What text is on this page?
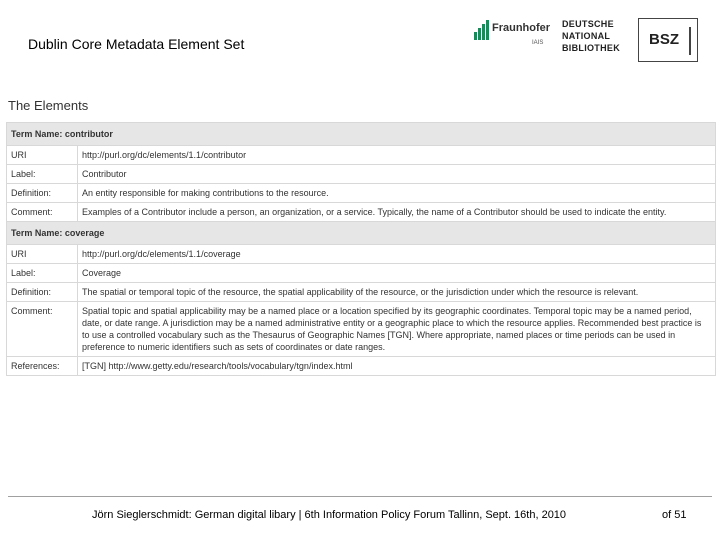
Dublin Core Metadata Element Set
Fraunhofer
IAIS
DEUTSCHE
NATIONAL
BIBLIOTHEK	BSZ
The Elements
Term Name: contributor	
URI	http://purl.org/dc/elements/1.1/contributor
Label:	Contributor
Definition:	An entity responsible for making contributions to the resource.
Comment:	Examples of a Contributor include a person, an organization, or a service. Typically, the name of a Contributor should be used to indicate the entity.
Term Name: coverage	
URI	http://purl.org/dc/elements/1.1/coverage
Label:	Coverage
Definition:	The spatial or temporal topic of the resource, the spatial applicability of the resource, or the jurisdiction under which the resource is relevant.
Comment:	Spatial topic and spatial applicability may be a named place or a location specified by its geographic coordinates. Temporal topic may be a named period, date, or date range. A jurisdiction may be a named administrative entity or a geographic place to which the resource applies. Recommended best practice is to use a controlled vocabulary such as the Thesaurus of Geographic Names [TGN]. Where appropriate, named places or time periods can be used in preference to numeric identifiers such as sets of coordinates or date ranges.
References:	[TGN] http://www.getty.edu/research/tools/vocabulary/tgn/index.html
Jörn Sieglerschmidt: German digital libary | 6th Information Policy Forum Tallinn, Sept. 16th, 2010	of 51
